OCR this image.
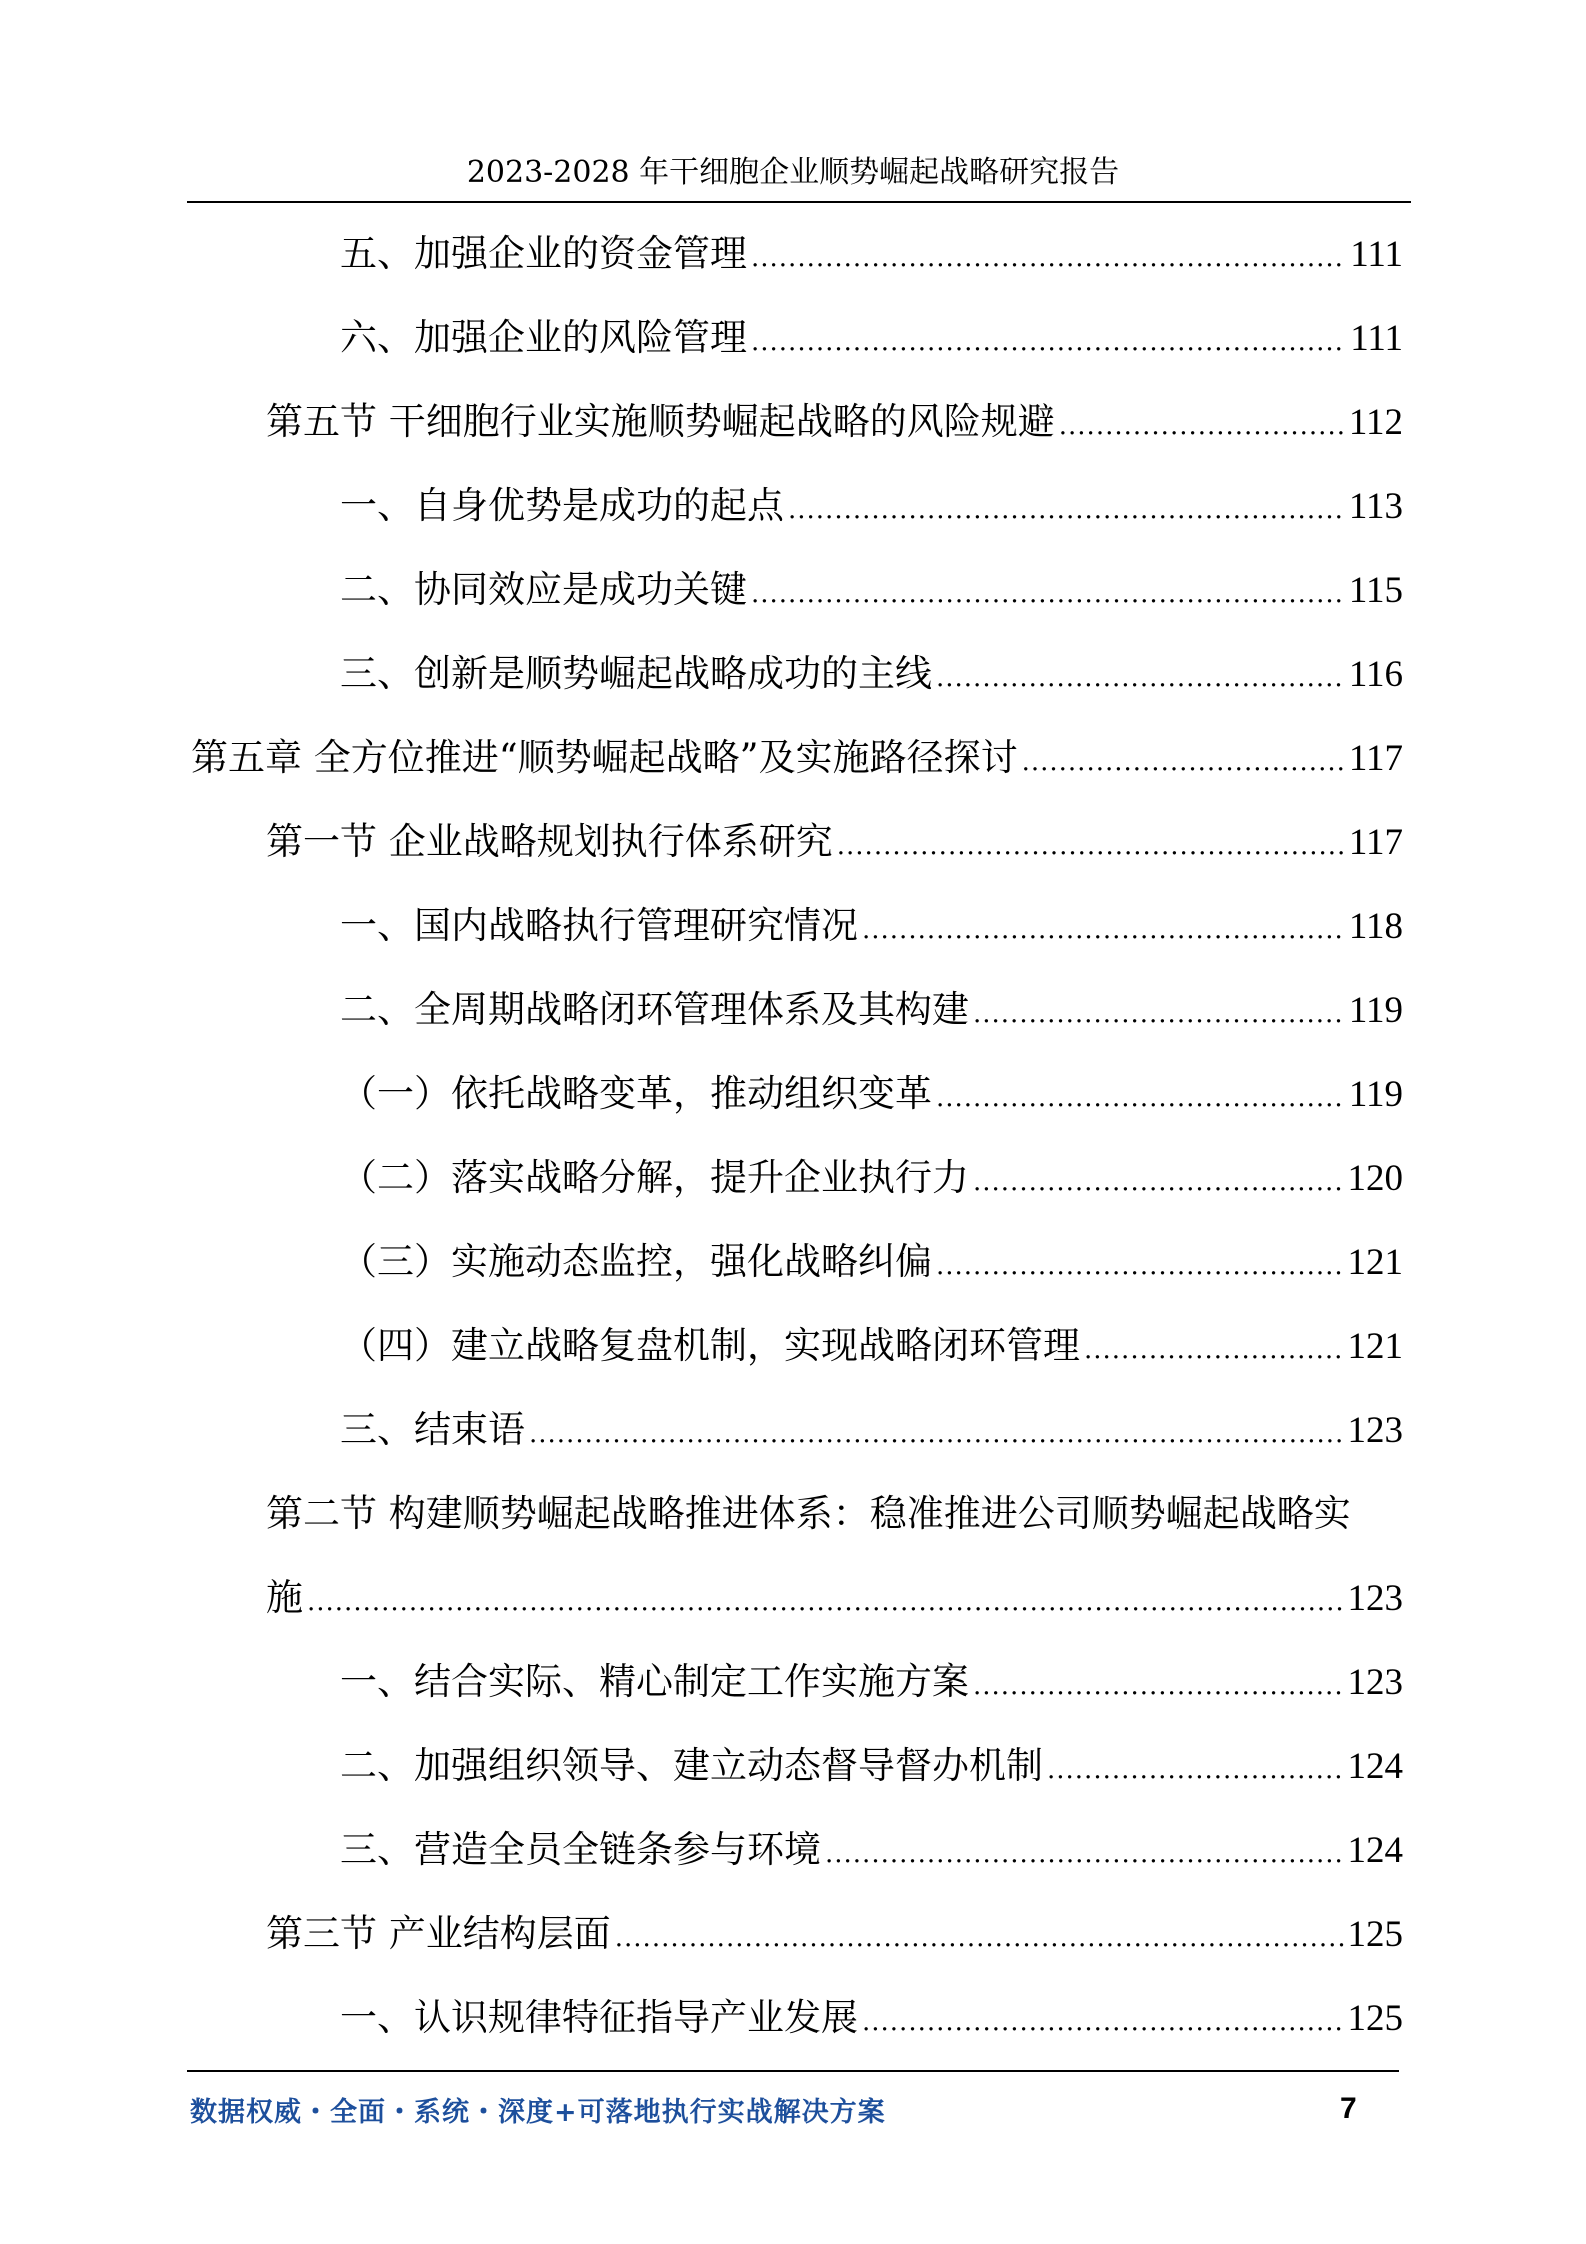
2023-2028 年干细胞企业顺势崛起战略研究报告
五、加强企业的资金管理 .....	111
六、加强企业的风险管理 .....	111
第五节 干细胞行业实施顺势崛起战略的风险规避 .....	112
一、自身优势是成功的起点 .....	113
二、协同效应是成功关键 .....	115
三、创新是顺势崛起战略成功的主线 .....	116
第五章 全方位推进“顺势崛起战略”及实施路径探讨 .....	117
第一节 企业战略规划执行体系研究 .....	117
一、国内战略执行管理研究情况 .....	118
二、全周期战略闭环管理体系及其构建 .....	119
（一）依托战略变革，推动组织变革 .....	119
（二）落实战略分解，提升企业执行力 .....	120
（三）实施动态监控，强化战略纠偏 .....	121
（四）建立战略复盘机制，实现战略闭环管理 .....	121
三、结束语 .....	123
第二节 构建顺势崛起战略推进体系：稳准推进公司顺势崛起战略实
施 .....	123
一、结合实际、精心制定工作实施方案 .....	123
二、加强组织领导、建立动态督导督办机制 .....	124
三、营造全员全链条参与环境 .....	124
第三节 产业结构层面 .....	125
一、认识规律特征指导产业发展 .....	125
数据权威・全面・系统・深度+可落地执行实战解决方案	7
